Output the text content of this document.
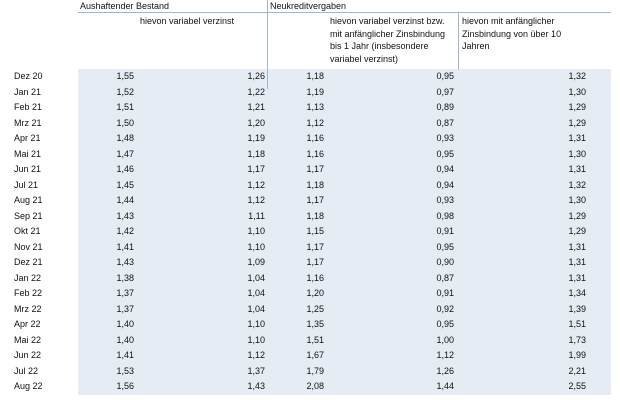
Aushaftender Bestand
hievon variabel verzinst
Neukreditvergaben
hievon variabel verzinst bzw. mit anfänglicher Zinsbindung bis 1 Jahr (insbesondere variabel verzinst)
hievon mit anfänglicher Zinsbindung von über 10 Jahren
Dez 20	1,55	1,26	1,18	0,95	1,32
Jan 21	1,52	1,22	1,19	0,97	1,30
Feb 21	1,51	1,21	1,13	0,89	1,29
Mrz 21	1,50	1,20	1,12	0,87	1,29
Apr 21	1,48	1,19	1,16	0,93	1,31
Mai 21	1,47	1,18	1,16	0,95	1,30
Jun 21	1,46	1,17	1,17	0,94	1,31
Jul 21	1,45	1,12	1,18	0,94	1,32
Aug 21	1,44	1,12	1,17	0,93	1,30
Sep 21	1,43	1,11	1,18	0,98	1,29
Okt 21	1,42	1,10	1,15	0,91	1,29
Nov 21	1,41	1,10	1,17	0,95	1,31
Dez 21	1,43	1,09	1,17	0,90	1,31
Jan 22	1,38	1,04	1,16	0,87	1,31
Feb 22	1,37	1,04	1,20	0,91	1,34
Mrz 22	1,37	1,04	1,25	0,92	1,39
Apr 22	1,40	1,10	1,35	0,95	1,51
Mai 22	1,40	1,10	1,51	1,00	1,73
Jun 22	1,41	1,12	1,67	1,12	1,99
Jul 22	1,53	1,37	1,79	1,26	2,21
Aug 22	1,56	1,43	2,08	1,44	2,55
